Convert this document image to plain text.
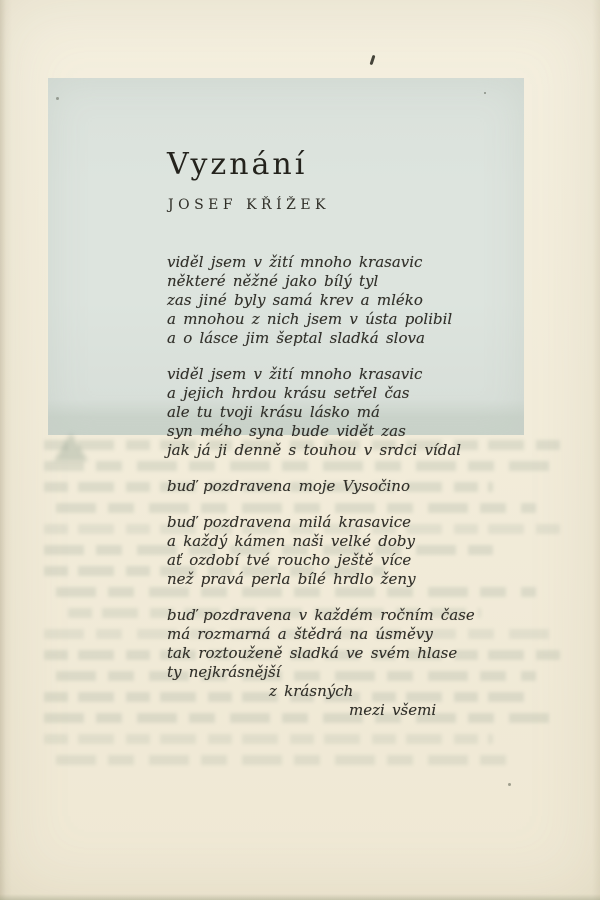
Vyznání
JOSEF KŘÍŽEK
viděl jsem v žití mnoho krasavic
některé něžné jako bílý tyl
zas jiné byly samá krev a mléko
a mnohou z nich jsem v ústa polibil
a o lásce jim šeptal sladká slova
viděl jsem v žití mnoho krasavic
a jejich hrdou krásu setřel čas
ale tu tvoji krásu lásko má
syn mého syna bude vidět zas
jak já ji denně s touhou v srdci vídal
buď pozdravena moje Vysočino
buď pozdravena milá krasavice
a každý kámen naši velké doby
ať ozdobí tvé roucho ještě více
než pravá perla bílé hrdlo ženy
buď pozdravena v každém ročním čase
má rozmarná a štědrá na úsměvy
tak roztouženě sladká ve svém hlase
ty nejkrásnější
z krásných
mezi všemi
